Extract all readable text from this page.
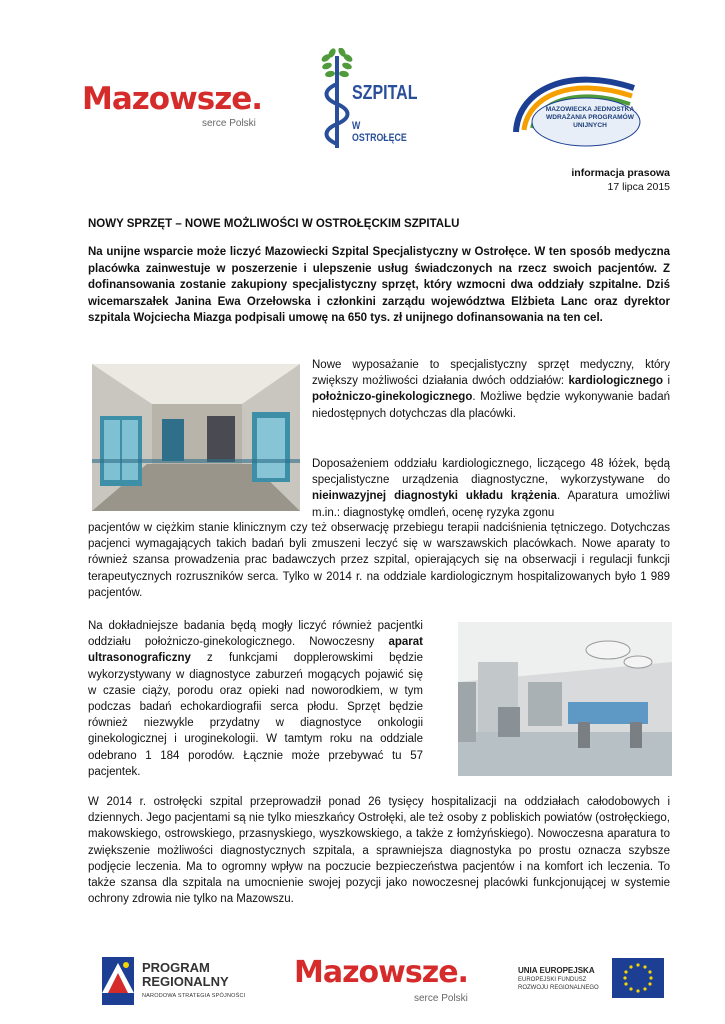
Mazowsze.
serce Polski
SZPITAL
W OSTROŁĘCE
MAZOWIECKA JEDNOSTKA WDRAŻANIA PROGRAMÓW UNIJNYCH
informacja prasowa
17 lipca 2015
NOWY SPRZĘT – NOWE MOŻLIWOŚCI W OSTROŁĘCKIM SZPITALU

Na unijne wsparcie może liczyć Mazowiecki Szpital Specjalistyczny w Ostrołęce. W ten sposób medyczna placówka zainwestuje w poszerzenie i ulepszenie usług świadczonych na rzecz swoich pacjentów. Z dofinansowania zostanie zakupiony specjalistyczny sprzęt, który wzmocni dwa oddziały szpitalne. Dziś wicemarszałek Janina Ewa Orzełowska i członkini zarządu województwa Elżbieta Lanc oraz dyrektor szpitala Wojciecha Miazga podpisali umowę na 650 tys. zł unijnego dofinansowania na ten cel.

Nowe wyposażanie to specjalistyczny sprzęt medyczny, który zwiększy możliwości działania dwóch oddziałów: kardiologicznego i położniczo-ginekologicznego. Możliwe będzie wykonywanie badań niedostępnych dotychczas dla placówki.

Doposażeniem oddziału kardiologicznego, liczącego 48 łóżek, będą specjalistyczne urządzenia diagnostyczne, wykorzystywane do nieinwazyjnej diagnostyki układu krążenia. Aparatura umożliwi m.in.: diagnostykę omdleń, ocenę ryzyka zgonu

pacjentów w ciężkim stanie klinicznym czy też obserwację przebiegu terapii nadciśnienia tętniczego. Dotychczas pacjenci wymagających takich badań byli zmuszeni leczyć się w warszawskich placówkach. Nowe aparaty to również szansa prowadzenia prac badawczych przez szpital, opierających się na obserwacji i regulacji funkcji terapeutycznych rozruszników serca. Tylko w 2014 r. na oddziale kardiologicznym hospitalizowanych było 1 989 pacjentów.

Na dokładniejsze badania będą mogły liczyć również pacjentki oddziału położniczo-ginekologicznego. Nowoczesny aparat ultrasonograficzny z funkcjami dopplerowskimi będzie wykorzystywany w diagnostyce zaburzeń mogących pojawić się w czasie ciąży, porodu oraz opieki nad noworodkiem, w tym podczas badań echokardiografii serca płodu. Sprzęt będzie również niezwykle przydatny w diagnostyce onkologii ginekologicznej i uroginekologii. W tamtym roku na oddziale odebrano 1 184 porodów. Łącznie może przebywać tu 57 pacjentek.

W 2014 r. ostrołęcki szpital przeprowadził ponad 26 tysięcy hospitalizacji na oddziałach całodobowych i dziennych. Jego pacjentami są nie tylko mieszkańcy Ostrołęki, ale też osoby z pobliskich powiatów (ostrołęckiego, makowskiego, ostrowskiego, przasnyskiego, wyszkowskiego, a także z łomżyńskiego). Nowoczesna aparatura to zwiększenie możliwości diagnostycznych szpitala, a sprawniejsza diagnostyka po prostu oznacza szybsze podjęcie leczenia. Ma to ogromny wpływ na poczucie bezpieczeństwa pacjentów i na komfort ich leczenia. To także szansa dla szpitala na umocnienie swojej pozycji jako nowoczesnej placówki funkcjonującej w systemie ochrony zdrowia nie tylko na Mazowszu.

PROGRAM
REGIONALNY
NARODOWA STRATEGIA SPÓJNOŚCI
Mazowsze.
serce Polski
UNIA EUROPEJSKA
EUROPEJSKI FUNDUSZ ROZWOJU REGIONALNEGO
